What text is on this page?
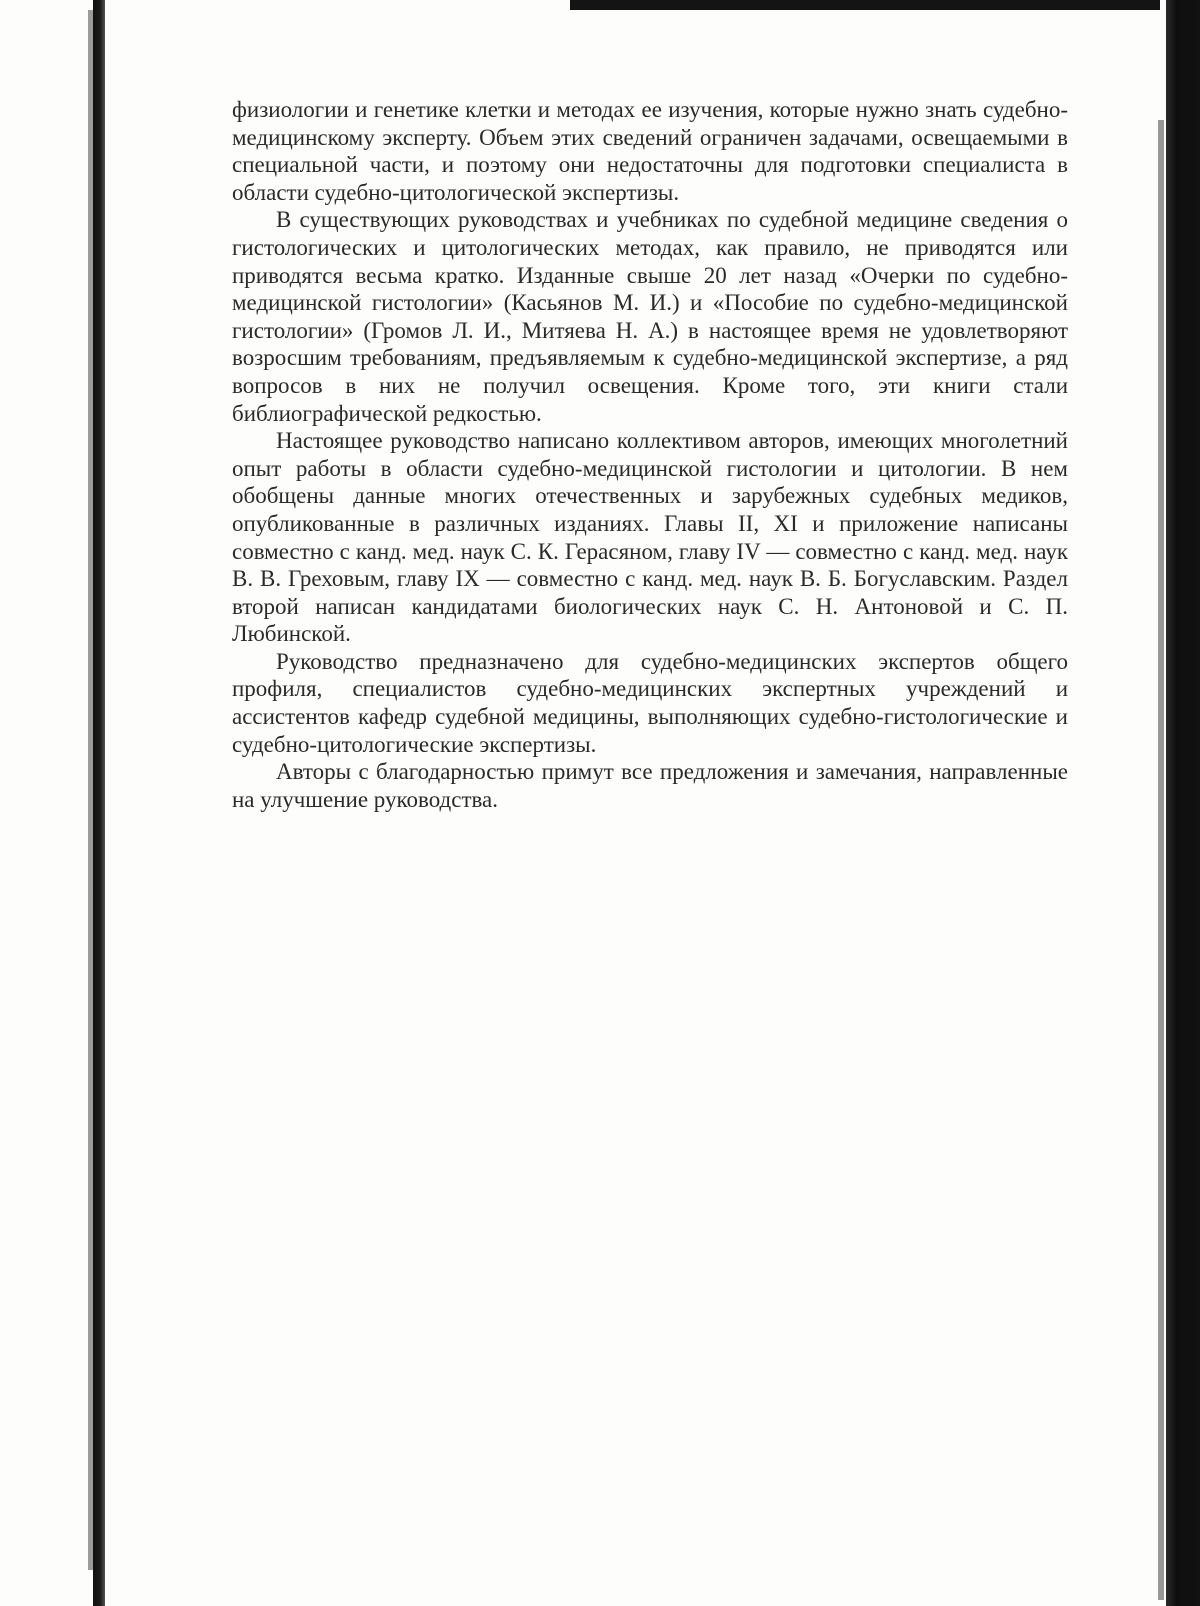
физиологии и генетике клетки и методах ее изучения, которые нужно знать судебно-медицинскому эксперту. Объем этих сведений ограничен задачами, освещаемыми в специальной части, и поэтому они недостаточны для подготовки специалиста в области судебно-цитологической экспертизы.

В существующих руководствах и учебниках по судебной медицине сведения о гистологических и цитологических методах, как правило, не приводятся или приводятся весьма кратко. Изданные свыше 20 лет назад «Очерки по судебно-медицинской гистологии» (Касьянов М. И.) и «Пособие по судебно-медицинской гистологии» (Громов Л. И., Митяева Н. А.) в настоящее время не удовлетворяют возросшим требованиям, предъявляемым к судебно-медицинской экспертизе, а ряд вопросов в них не получил освещения. Кроме того, эти книги стали библиографической редкостью.

Настоящее руководство написано коллективом авторов, имеющих многолетний опыт работы в области судебно-медицинской гистологии и цитологии. В нем обобщены данные многих отечественных и зарубежных судебных медиков, опубликованные в различных изданиях. Главы II, XI и приложение написаны совместно с канд. мед. наук С. К. Герасяном, главу IV — совместно с канд. мед. наук В. В. Греховым, главу IX — совместно с канд. мед. наук В. Б. Богуславским. Раздел второй написан кандидатами биологических наук С. Н. Антоновой и С. П. Любинской.

Руководство предназначено для судебно-медицинских экспертов общего профиля, специалистов судебно-медицинских экспертных учреждений и ассистентов кафедр судебной медицины, выполняющих судебно-гистологические и судебно-цитологические экспертизы.

Авторы с благодарностью примут все предложения и замечания, направленные на улучшение руководства.
